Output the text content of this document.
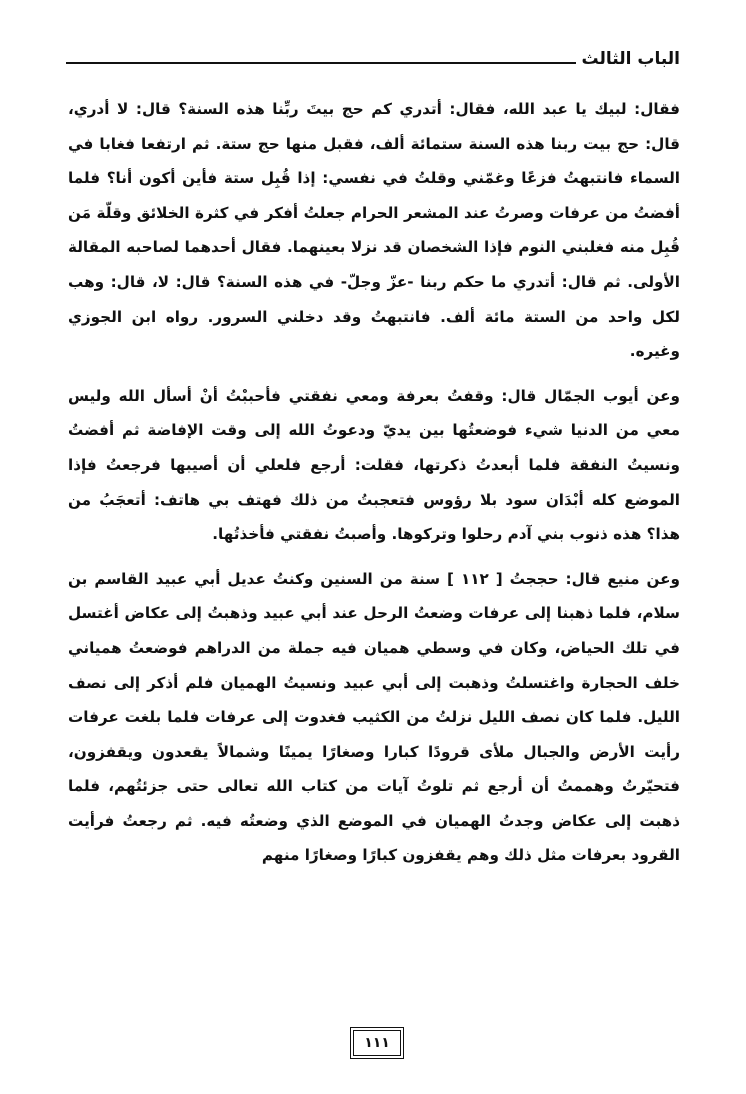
الباب الثالث

فقال: لبيك يا عبد الله، فقال: أتدري كم حج بيتَ ربِّنا هذه السنة؟ قال: لا أدري، قال: حج بيت ربنا هذه السنة ستمائة ألف، فقبل منها حج ستة. ثم ارتفعا فغابا في السماء فانتبهتُ فزعًا وغمّني وقلتُ في نفسي: إذا قُبِل ستة فأين أكون أنا؟ فلما أفضتُ من عرفات وصرتُ عند المشعر الحرام جعلتُ أفكر في كثرة الخلائق وقلّة مَن قُبِل منه فغلبني النوم فإذا الشخصان قد نزلا بعينهما. فقال أحدهما لصاحبه المقالة الأولى. ثم قال: أتدري ما حكم ربنا -عزّ وجلّ- في هذه السنة؟ قال: لا، قال: وهب لكل واحد من الستة مائة ألف. فانتبهتُ وقد دخلني السرور. رواه ابن الجوزي وغيره.

وعن أيوب الجمّال قال: وقفتُ بعرفة ومعي نفقتي فأحببْتُ أنْ أسأل الله وليس معي من الدنيا شيء فوضعتُها بين يديّ ودعوتُ الله إلى وقت الإفاضة ثم أفضتُ ونسيتُ النفقة فلما أبعدتُ ذكرتها، فقلت: أرجع فلعلي أن أصيبها فرجعتُ فإذا الموضع كله أبْدَان سود بلا رؤوس فتعجبتُ من ذلك فهتف بي هاتف: أتعجَبُ من هذا؟ هذه ذنوب بني آدم رحلوا وتركوها. وأصبتُ نفقتي فأخذتُها.

وعن منيع قال: حججتُ [ ١١٢ ] سنة من السنين وكنتُ عديل أبي عبيد القاسم بن سلام، فلما ذهبنا إلى عرفات وضعتُ الرحل عند أبي عبيد وذهبتُ إلى عكاض أغتسل في تلك الحياض، وكان في وسطي هميان فيه جملة من الدراهم فوضعتُ همياني خلف الحجارة واغتسلتُ وذهبت إلى أبي عبيد ونسيتُ الهميان فلم أذكر إلى نصف الليل. فلما كان نصف الليل نزلتُ من الكثيب فغدوت إلى عرفات فلما بلغت عرفات رأيت الأرض والجبال ملأى قرودًا كبارا وصغارًا يمينًا وشمالاً يقعدون ويقفزون، فتحيّرتُ وهممتُ أن أرجع ثم تلوتُ آيات من كتاب الله تعالى حتى جزئتُهم، فلما ذهبت إلى عكاض وجدتُ الهميان في الموضع الذي وضعتُه فيه. ثم رجعتُ فرأيت القرود بعرفات مثل ذلك وهم يقفزون كبارًا وصغارًا منهم

١١١
